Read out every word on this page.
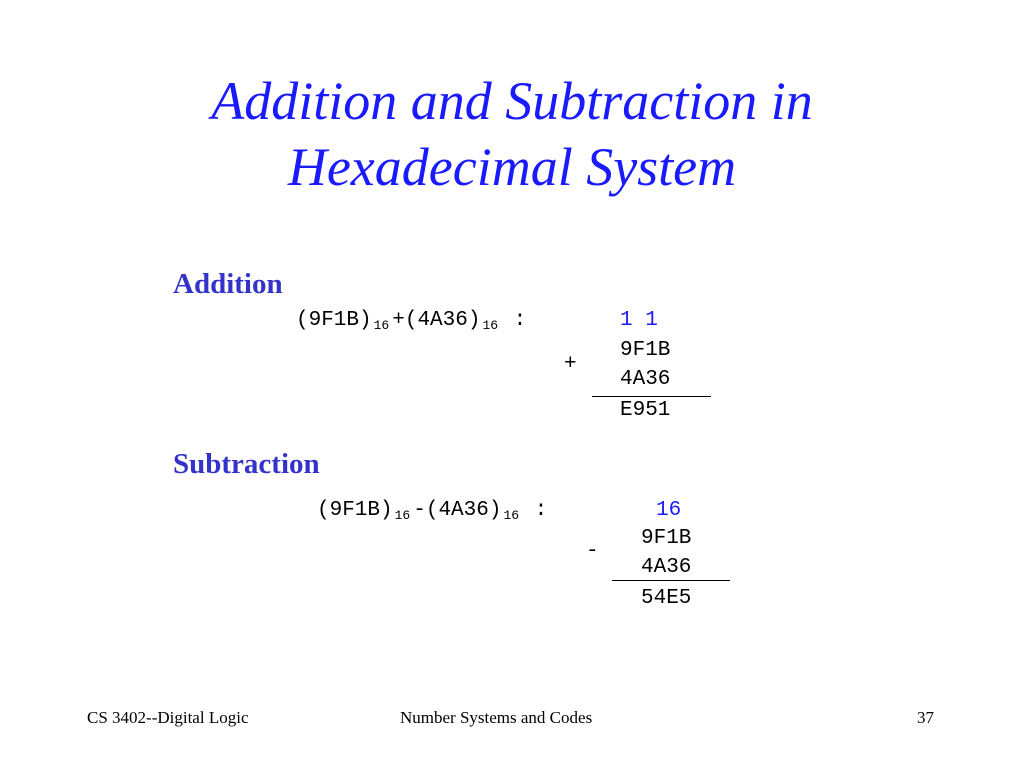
Addition and Subtraction in
Hexadecimal System
Addition
(9F1B) $_{16}$ +(4A36) $_{16}$ :	1 1
9F1B
+
4A36
E951
Subtraction
(9F1B) $_{16}$ -(4A36) $_{16}$ :	16
9F1B
-
4A36
54E5
CS 3402--Digital Logic	Number Systems and Codes	37
